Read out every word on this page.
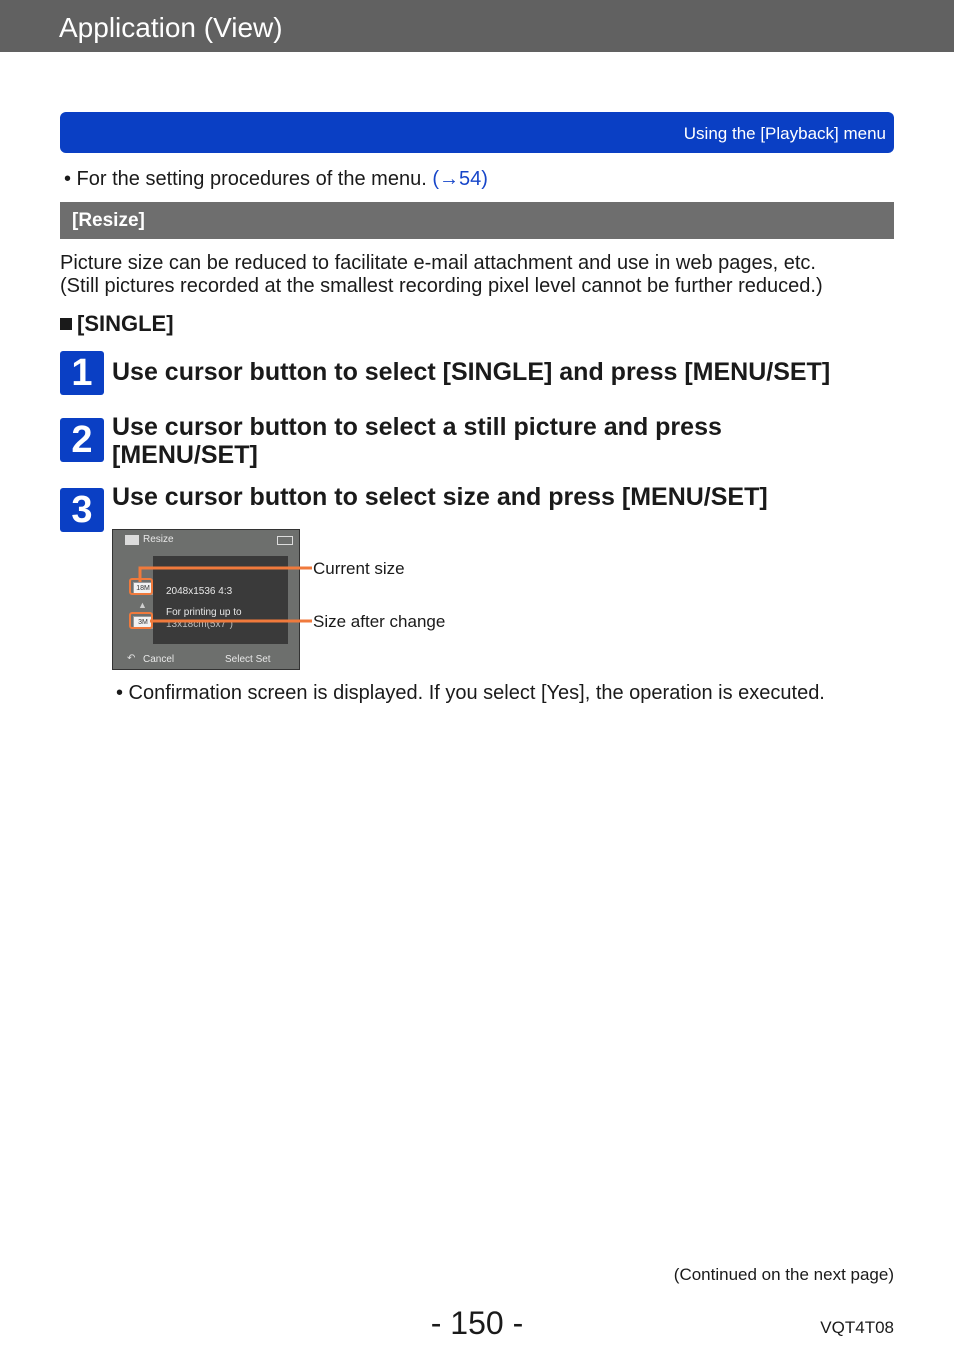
Application (View)
Using the [Playback] menu
• For the setting procedures of the menu. (→54)
[Resize]
Picture size can be reduced to facilitate e-mail attachment and use in web pages, etc.
(Still pictures recorded at the smallest recording pixel level cannot be further reduced.)
[SINGLE]
1 Use cursor button to select [SINGLE] and press [MENU/SET]
2 Use cursor button to select a still picture and press
[MENU/SET]
3 Use cursor button to select size and press [MENU/SET]
Resize
2048x1536 4:3
For printing up to
13x18cm(5x7")
18M
▲
3M
↶ Cancel	Select Set
Current size
Size after change
• Confirmation screen is displayed. If you select [Yes], the operation is executed.
(Continued on the next page)
- 150 -	VQT4T08
